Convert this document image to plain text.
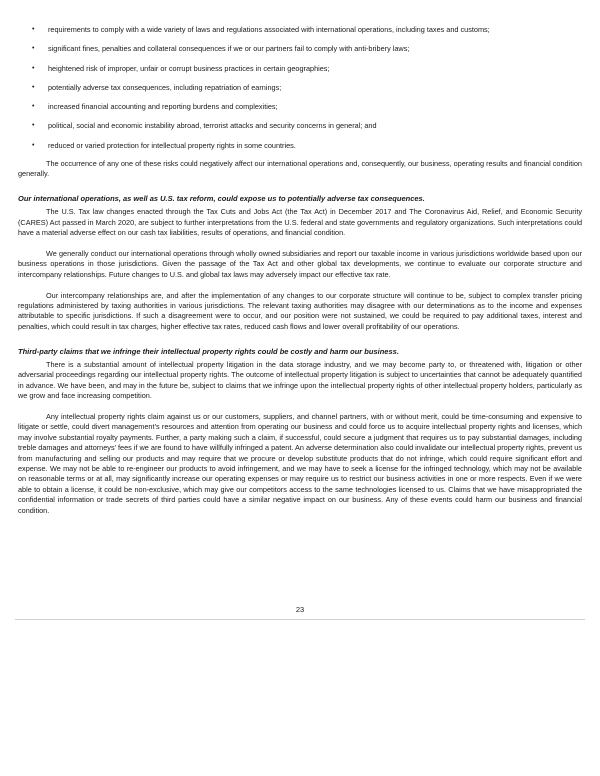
• requirements to comply with a wide variety of laws and regulations associated with international operations, including taxes and customs;
• significant fines, penalties and collateral consequences if we or our partners fail to comply with anti-bribery laws;
• heightened risk of improper, unfair or corrupt business practices in certain geographies;
• potentially adverse tax consequences, including repatriation of earnings;
• increased financial accounting and reporting burdens and complexities;
• political, social and economic instability abroad, terrorist attacks and security concerns in general; and
• reduced or varied protection for intellectual property rights in some countries.

The occurrence of any one of these risks could negatively affect our international operations and, consequently, our business, operating results and financial condition generally.

Our international operations, as well as U.S. tax reform, could expose us to potentially adverse tax consequences.

The U.S. Tax law changes enacted through the Tax Cuts and Jobs Act (the Tax Act) in December 2017 and The Coronavirus Aid, Relief, and Economic Security (CARES) Act passed in March 2020, are subject to further interpretations from the U.S. federal and state governments and regulatory organizations. Such interpretations could have a material adverse effect on our cash tax liabilities, results of operations, and financial condition.

We generally conduct our international operations through wholly owned subsidiaries and report our taxable income in various jurisdictions worldwide based upon our business operations in those jurisdictions. Given the passage of the Tax Act and other global tax developments, we continue to evaluate our corporate structure and intercompany relationships. Future changes to U.S. and global tax laws may adversely impact our effective tax rate.

Our intercompany relationships are, and after the implementation of any changes to our corporate structure will continue to be, subject to complex transfer pricing regulations administered by taxing authorities in various jurisdictions. The relevant taxing authorities may disagree with our determinations as to the income and expenses attributable to specific jurisdictions. If such a disagreement were to occur, and our position were not sustained, we could be required to pay additional taxes, interest and penalties, which could result in tax charges, higher effective tax rates, reduced cash flows and lower overall profitability of our operations.

Third-party claims that we infringe their intellectual property rights could be costly and harm our business.

There is a substantial amount of intellectual property litigation in the data storage industry, and we may become party to, or threatened with, litigation or other adversarial proceedings regarding our intellectual property rights. The outcome of intellectual property litigation is subject to uncertainties that cannot be adequately quantified in advance. We have been, and may in the future be, subject to claims that we infringe upon the intellectual property rights of other intellectual property holders, particularly as we grow and face increasing competition.

Any intellectual property rights claim against us or our customers, suppliers, and channel partners, with or without merit, could be time-consuming and expensive to litigate or settle, could divert management’s resources and attention from operating our business and could force us to acquire intellectual property rights and licenses, which may involve substantial royalty payments. Further, a party making such a claim, if successful, could secure a judgment that requires us to pay substantial damages, including treble damages and attorneys’ fees if we are found to have willfully infringed a patent. An adverse determination also could invalidate our intellectual property rights, prevent us from manufacturing and selling our products and may require that we procure or develop substitute products that do not infringe, which could require significant effort and expense. We may not be able to re-engineer our products to avoid infringement, and we may have to seek a license for the infringed technology, which may not be available on reasonable terms or at all, may significantly increase our operating expenses or may require us to restrict our business activities in one or more respects. Even if we were able to obtain a license, it could be non-exclusive, which may give our competitors access to the same technologies licensed to us. Claims that we have misappropriated the confidential information or trade secrets of third parties could have a similar negative impact on our business. Any of these events could harm our business and financial condition.

23
